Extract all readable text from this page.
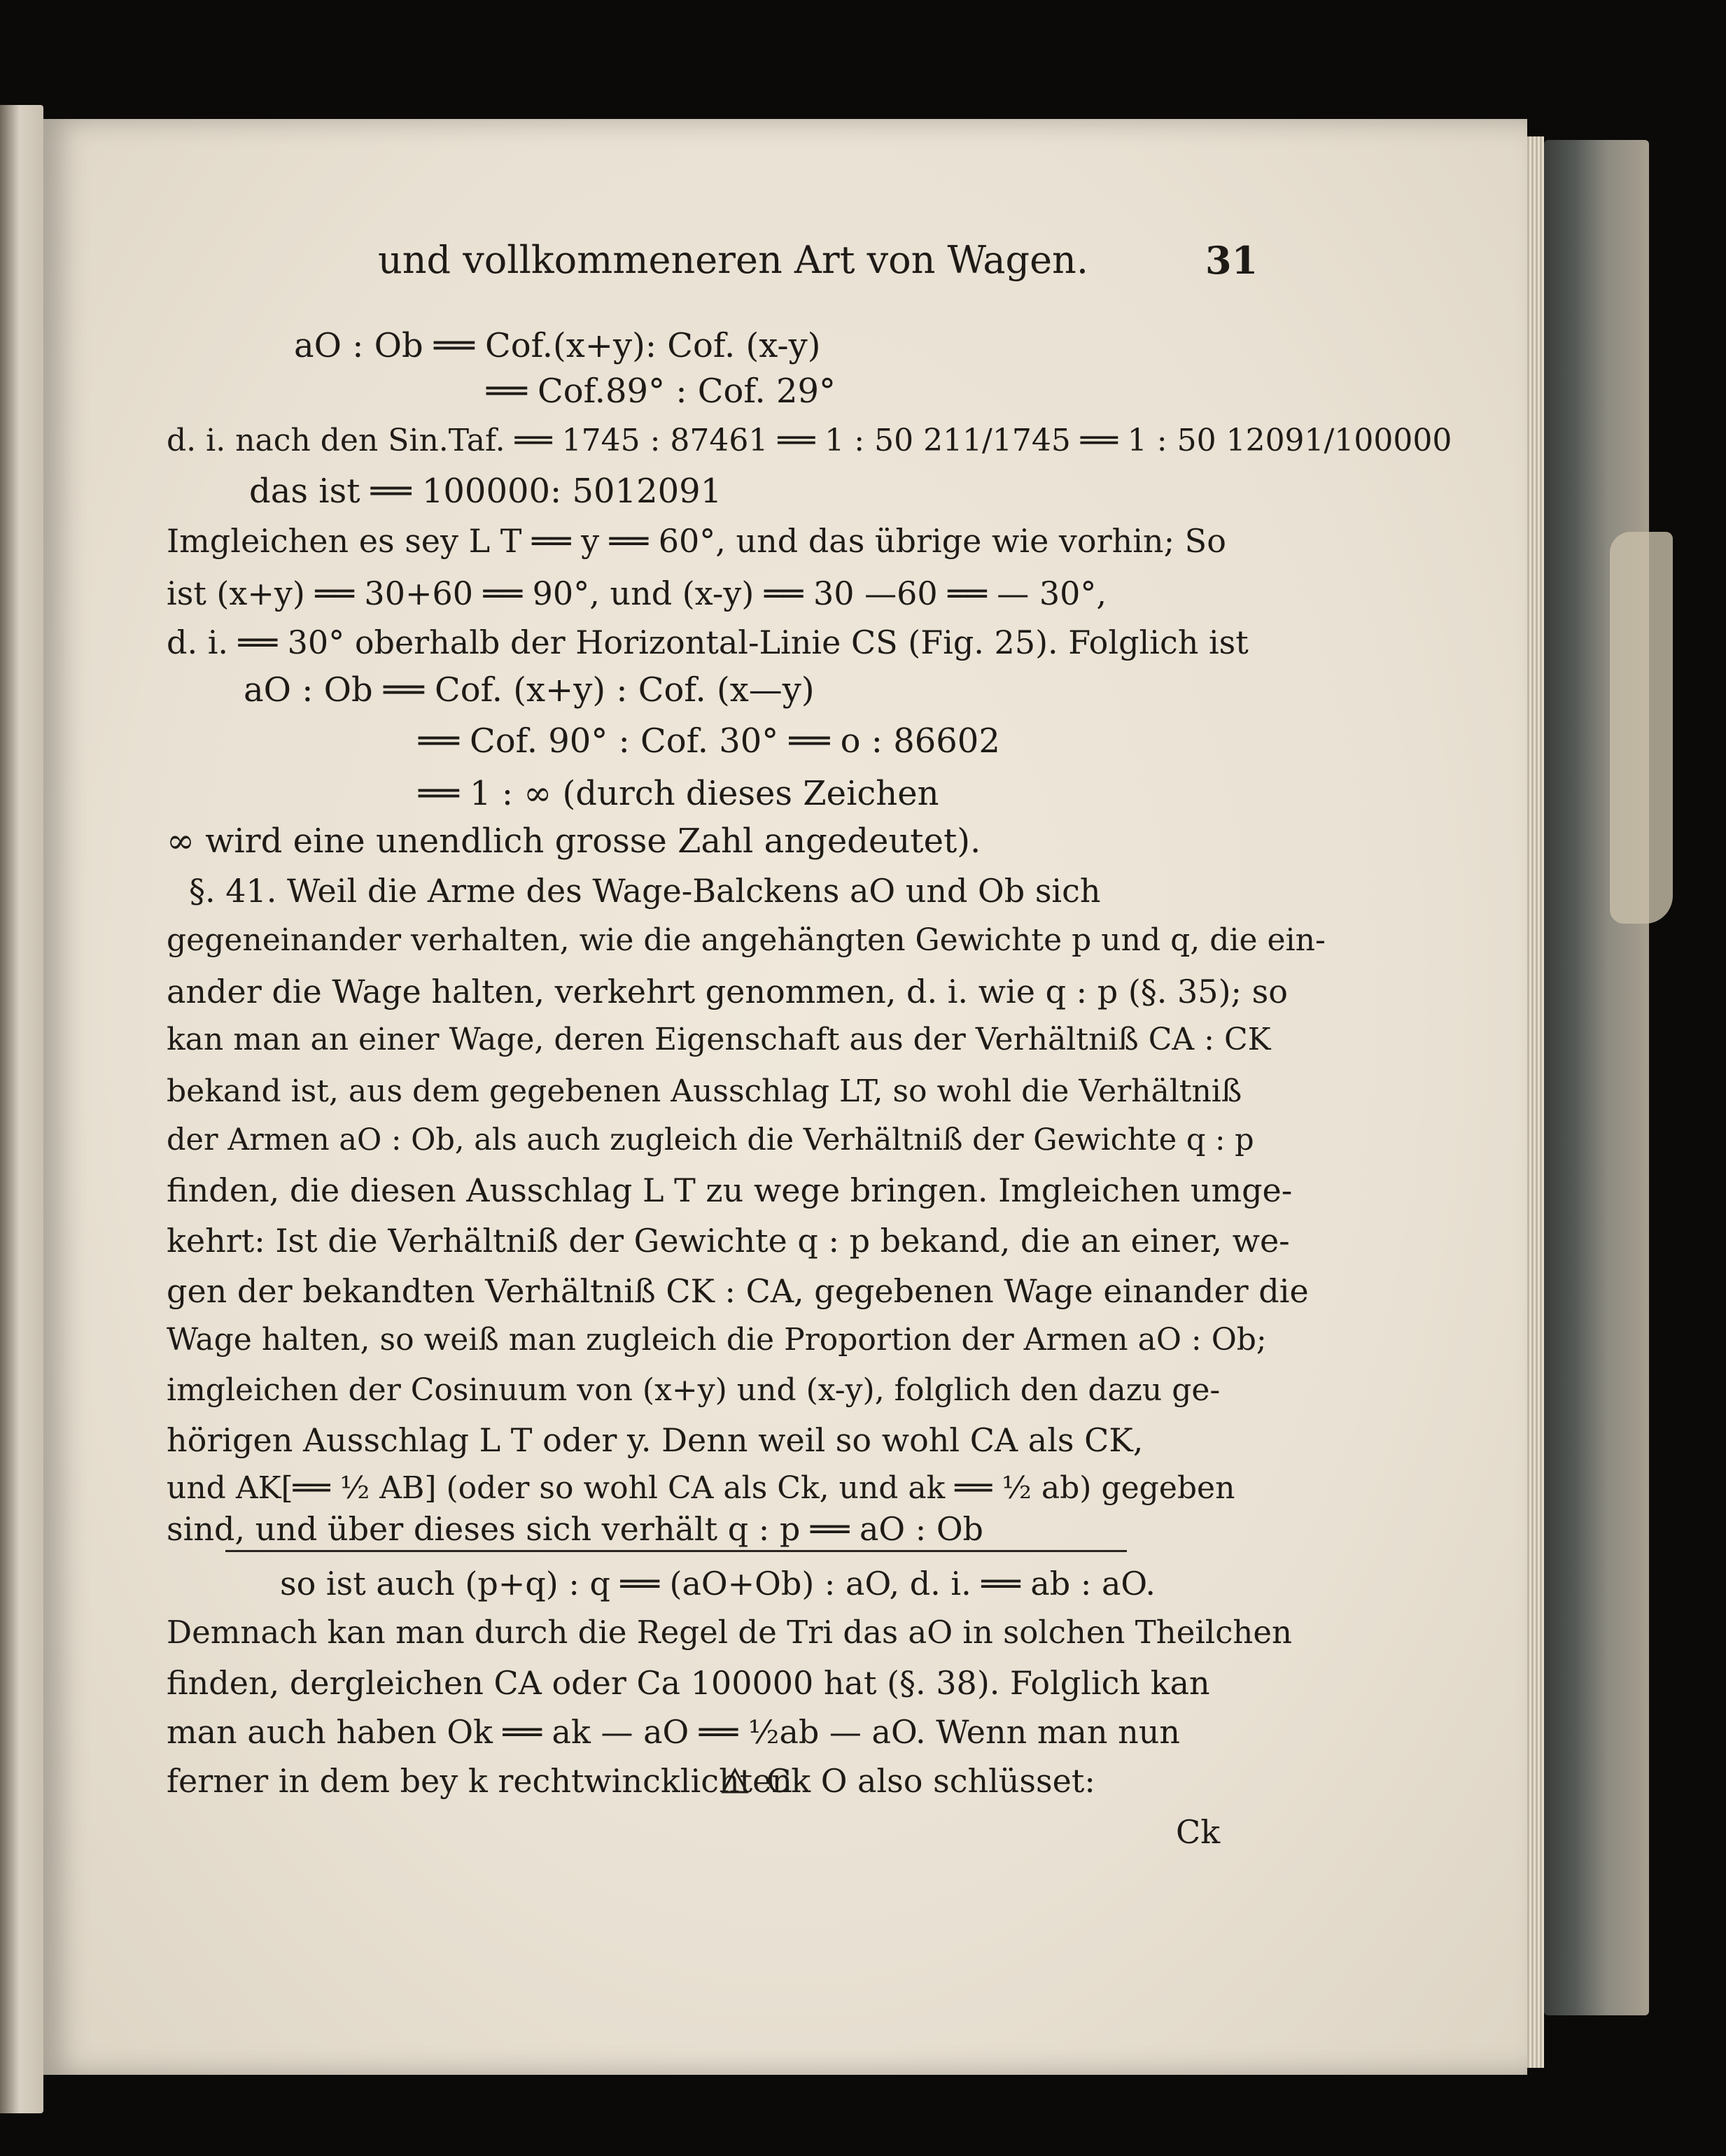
und vollkommeneren Art von Wagen.	31
aO : Ob ══ Cof.(x+y): Cof. (x-y)
══ Cof.89° : Cof. 29°
d. i. nach den Sin.Taf. ══ 1745 : 87461 ══ 1 : 50 211/1745 ══ 1 : 50 12091/100000
das ist ══ 100000: 5012091
Imgleichen es sey L T ══ y ══ 60°, und das übrige wie vorhin; So
ist (x+y) ══ 30+60 ══ 90°, und (x-y) ══ 30 —60 ══ — 30°,
d. i. ══ 30° oberhalb der Horizontal-Linie CS (Fig. 25). Folglich ist
aO : Ob ══ Cof. (x+y) : Cof. (x—y)
══ Cof. 90° : Cof. 30° ══ o : 86602
══ 1 : ∞ (durch dieses Zeichen
∞ wird eine unendlich grosse Zahl angedeutet).
§. 41. Weil die Arme des Wage-Balckens aO und Ob sich
gegeneinander verhalten, wie die angehängten Gewichte p und q, die ein-
ander die Wage halten, verkehrt genommen, d. i. wie q : p (§. 35); so
kan man an einer Wage, deren Eigenschaft aus der Verhältniß CA : CK
bekand ist, aus dem gegebenen Ausschlag LT, so wohl die Verhältniß
der Armen aO : Ob, als auch zugleich die Verhältniß der Gewichte q : p
finden, die diesen Ausschlag L T zu wege bringen. Imgleichen umge-
kehrt: Ist die Verhältniß der Gewichte q : p bekand, die an einer, we-
gen der bekandten Verhältniß CK : CA, gegebenen Wage einander die
Wage halten, so weiß man zugleich die Proportion der Armen aO : Ob;
imgleichen der Cosinuum von (x+y) und (x-y), folglich den dazu ge-
hörigen Ausschlag L T oder y. Denn weil so wohl CA als CK,
und AK[══ ½ AB] (oder so wohl CA als Ck, und ak ══ ½ ab) gegeben
sind, und über dieses sich verhält q : p ══ aO : Ob
so ist auch (p+q) : q ══ (aO+Ob) : aO, d. i. ══ ab : aO.
Demnach kan man durch die Regel de Tri das aO in solchen Theilchen
finden, dergleichen CA oder Ca 100000 hat (§. 38). Folglich kan
man auch haben Ok ══ ak — aO ══ ½ab — aO. Wenn man nun
ferner in dem bey k rechtwincklichten
Ck O also schlüsset:
Ck
